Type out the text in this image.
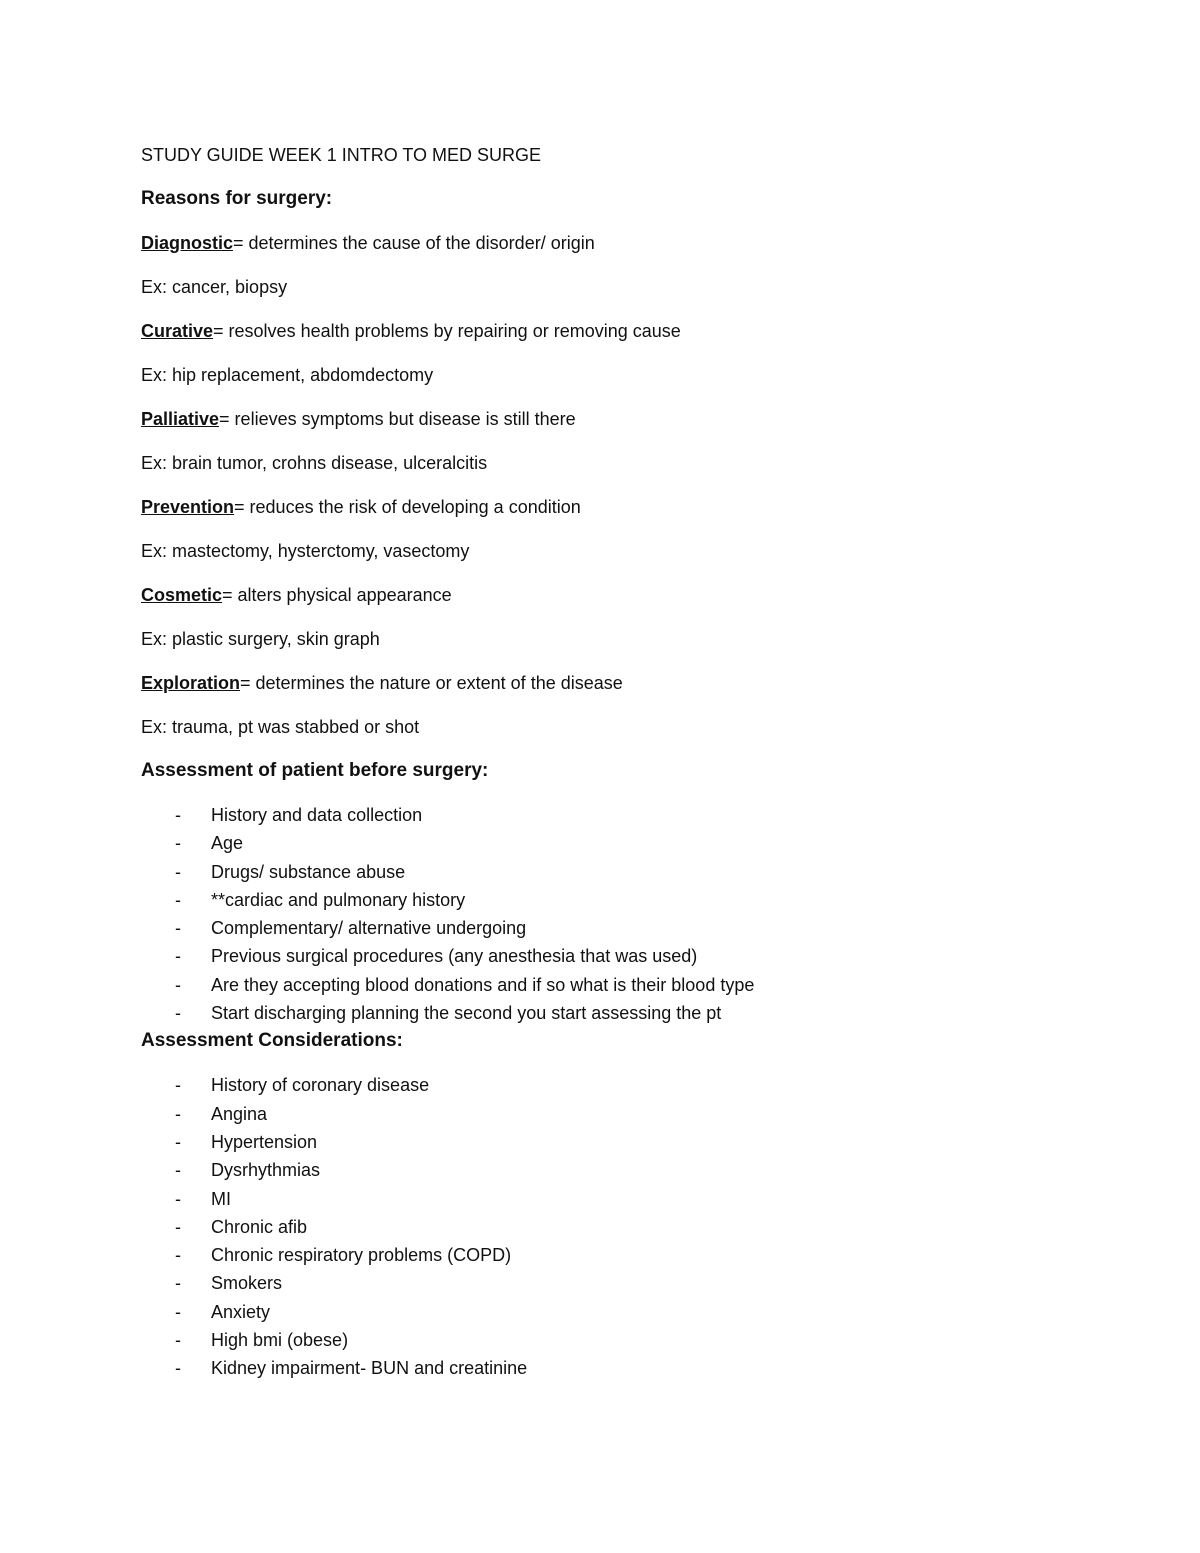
STUDY GUIDE WEEK 1 INTRO TO MED SURGE
Reasons for surgery:
Diagnostic= determines the cause of the disorder/ origin
Ex: cancer, biopsy
Curative= resolves health problems by repairing or removing cause
Ex: hip replacement, abdomdectomy
Palliative= relieves symptoms but disease is still there
Ex: brain tumor, crohns disease, ulceralcitis
Prevention= reduces the risk of developing a condition
Ex: mastectomy, hysterctomy, vasectomy
Cosmetic= alters physical appearance
Ex: plastic surgery, skin graph
Exploration= determines the nature or extent of the disease
Ex: trauma, pt was stabbed or shot
Assessment of patient before surgery:
- History and data collection
- Age
- Drugs/ substance abuse
- **cardiac and pulmonary history
- Complementary/ alternative undergoing
- Previous surgical procedures (any anesthesia that was used)
- Are they accepting blood donations and if so what is their blood type
- Start discharging planning the second you start assessing the pt
Assessment Considerations:
- History of coronary disease
- Angina
- Hypertension
- Dysrhythmias
- MI
- Chronic afib
- Chronic respiratory problems (COPD)
- Smokers
- Anxiety
- High bmi (obese)
- Kidney impairment- BUN and creatinine
